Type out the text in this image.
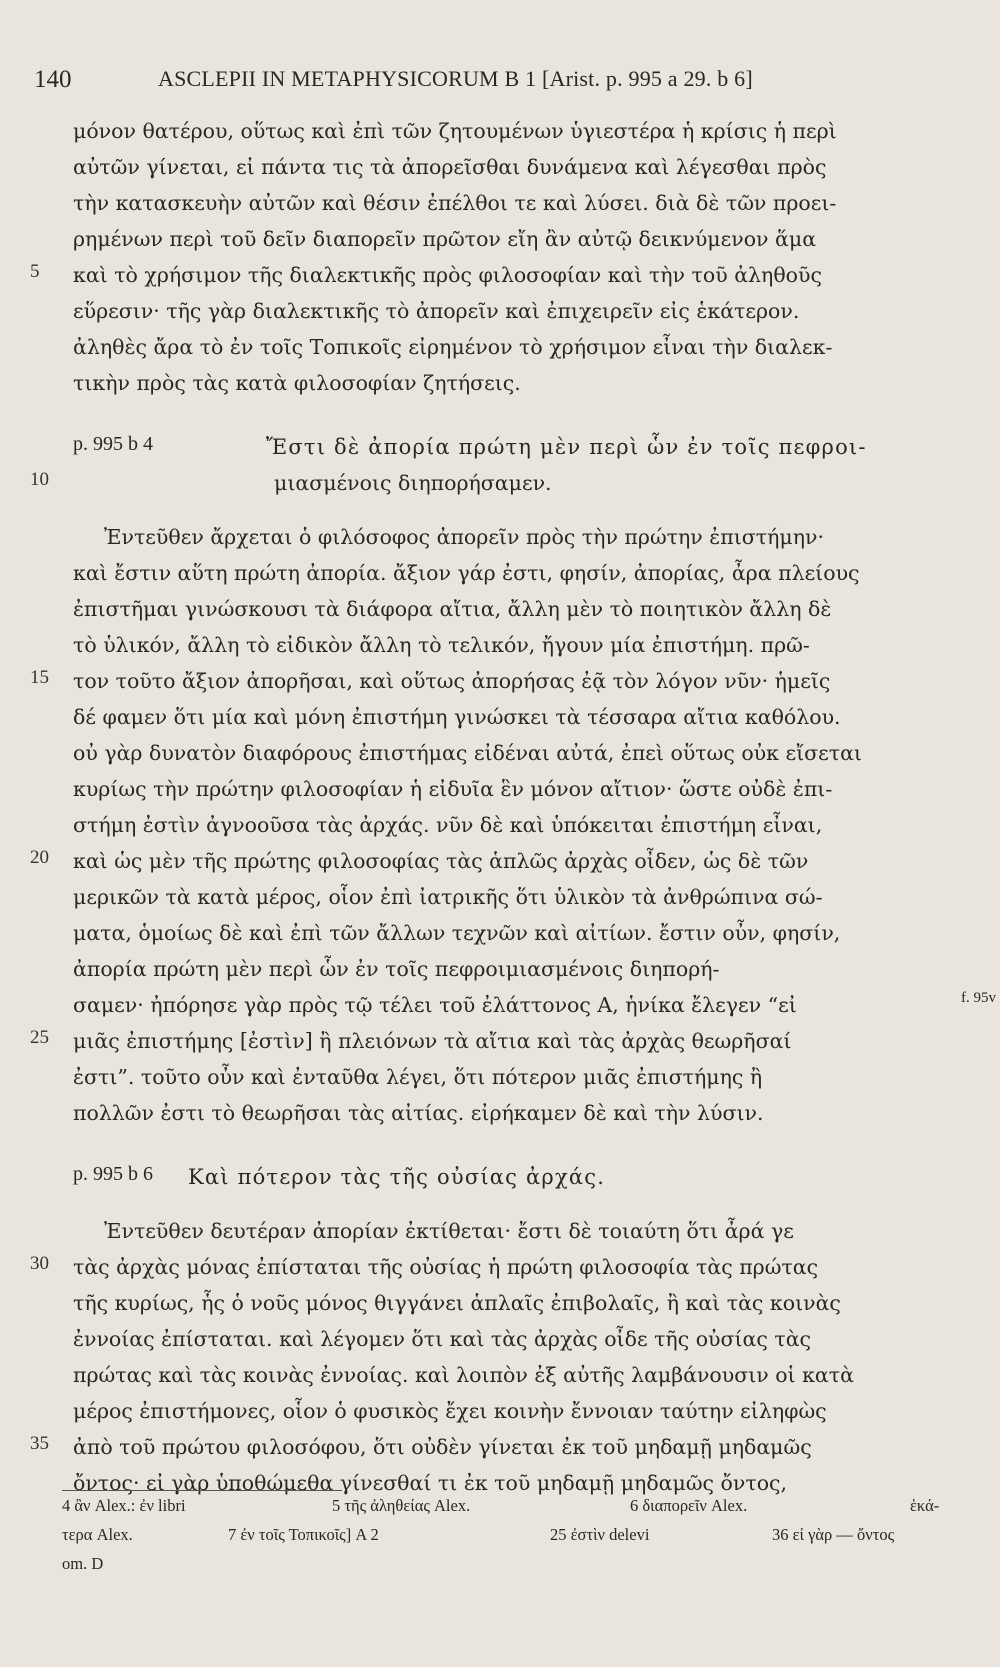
140	ASCLEPII IN METAPHYSICORUM B 1 [Arist. p. 995 a 29. b 6]
μόνον θατέρου, οὕτως καὶ ἐπὶ τῶν ζητουμένων ὑγιεστέρα ἡ κρίσις ἡ περὶ
αὐτῶν γίνεται, εἰ πάντα τις τὰ ἀπορεῖσθαι δυνάμενα καὶ λέγεσθαι πρὸς
τὴν κατασκευὴν αὐτῶν καὶ θέσιν ἐπέλθοι τε καὶ λύσει. διὰ δὲ τῶν προει-
ρημένων περὶ τοῦ δεῖν διαπορεῖν πρῶτον εἴη ἂν αὐτῷ δεικνύμενον ἅμα
5	καὶ τὸ χρήσιμον τῆς διαλεκτικῆς πρὸς φιλοσοφίαν καὶ τὴν τοῦ ἀληθοῦς
εὕρεσιν· τῆς γὰρ διαλεκτικῆς τὸ ἀπορεῖν καὶ ἐπιχειρεῖν εἰς ἑκάτερον.
ἀληθὲς ἄρα τὸ ἐν τοῖς Τοπικοῖς εἰρημένον τὸ χρήσιμον εἶναι τὴν διαλεκ-
τικὴν πρὸς τὰς κατὰ φιλοσοφίαν ζητήσεις.
p. 995 b 4	Ἔστι δὲ ἀπορία πρώτη μὲν περὶ ὧν ἐν τοῖς πεφροι-
10	μιασμένοις διηπορήσαμεν.
Ἐντεῦθεν ἄρχεται ὁ φιλόσοφος ἀπορεῖν πρὸς τὴν πρώτην ἐπιστήμην·
καὶ ἔστιν αὕτη πρώτη ἀπορία. ἄξιον γάρ ἐστι, φησίν, ἀπορίας, ἆρα πλείους
ἐπιστῆμαι γινώσκουσι τὰ διάφορα αἴτια, ἄλλη μὲν τὸ ποιητικὸν ἄλλη δὲ
τὸ ὑλικόν, ἄλλη τὸ εἰδικὸν ἄλλη τὸ τελικόν, ἤγουν μία ἐπιστήμη. πρῶ-
15	τον τοῦτο ἄξιον ἀπορῆσαι, καὶ οὕτως ἀπορήσας ἐᾷ τὸν λόγον νῦν· ἡμεῖς
δέ φαμεν ὅτι μία καὶ μόνη ἐπιστήμη γινώσκει τὰ τέσσαρα αἴτια καθόλου.
οὐ γὰρ δυνατὸν διαφόρους ἐπιστήμας εἰδέναι αὐτά, ἐπεὶ οὕτως οὐκ εἴσεται
κυρίως τὴν πρώτην φιλοσοφίαν ἡ εἰδυῖα ἓν μόνον αἴτιον· ὥστε οὐδὲ ἐπι-
στήμη ἐστὶν ἀγνοοῦσα τὰς ἀρχάς. νῦν δὲ καὶ ὑπόκειται ἐπιστήμη εἶναι,
20	καὶ ὡς μὲν τῆς πρώτης φιλοσοφίας τὰς ἁπλῶς ἀρχὰς οἶδεν, ὡς δὲ τῶν
μερικῶν τὰ κατὰ μέρος, οἷον ἐπὶ ἰατρικῆς ὅτι ὑλικὸν τὰ ἀνθρώπινα σώ-
ματα, ὁμοίως δὲ καὶ ἐπὶ τῶν ἄλλων τεχνῶν καὶ αἰτίων. ἔστιν οὖν, φησίν,
ἀπορία πρώτη μὲν περὶ ὧν ἐν τοῖς πεφροιμιασμένοις διηπορή-
σαμεν· ἠπόρησε γὰρ πρὸς τῷ τέλει τοῦ ἐλάττονος Α, ἡνίκα ἔλεγεν “εἰ	f. 95v
25	μιᾶς ἐπιστήμης [ἐστὶν] ἢ πλειόνων τὰ αἴτια καὶ τὰς ἀρχὰς θεωρῆσαί
ἐστι”. τοῦτο οὖν καὶ ἐνταῦθα λέγει, ὅτι πότερον μιᾶς ἐπιστήμης ἢ
πολλῶν ἐστι τὸ θεωρῆσαι τὰς αἰτίας. εἰρήκαμεν δὲ καὶ τὴν λύσιν.
p. 995 b 6 Καὶ πότερον τὰς τῆς οὐσίας ἀρχάς.
Ἐντεῦθεν δευτέραν ἀπορίαν ἐκτίθεται· ἔστι δὲ τοιαύτη ὅτι ἆρά γε
30	τὰς ἀρχὰς μόνας ἐπίσταται τῆς οὐσίας ἡ πρώτη φιλοσοφία τὰς πρώτας
τῆς κυρίως, ἧς ὁ νοῦς μόνος θιγγάνει ἁπλαῖς ἐπιβολαῖς, ἢ καὶ τὰς κοινὰς
ἐννοίας ἐπίσταται. καὶ λέγομεν ὅτι καὶ τὰς ἀρχὰς οἶδε τῆς οὐσίας τὰς
πρώτας καὶ τὰς κοινὰς ἐννοίας. καὶ λοιπὸν ἐξ αὐτῆς λαμβάνουσιν οἱ κατὰ
μέρος ἐπιστήμονες, οἷον ὁ φυσικὸς ἔχει κοινὴν ἔννοιαν ταύτην εἰληφὼς
35	ἀπὸ τοῦ πρώτου φιλοσόφου, ὅτι οὐδὲν γίνεται ἐκ τοῦ μηδαμῇ μηδαμῶς
ὄντος· εἰ γὰρ ὑποθώμεθα γίνεσθαί τι ἐκ τοῦ μηδαμῇ μηδαμῶς ὄντος,
4 ἂν Alex.: ἐν libri	5 τῆς ἀληθείας Alex.	6 διαπορεῖν Alex.	ἑκά-
τερα Alex.	7 ἐν τοῖς Τοπικοῖς] A 2	25 ἐστὶν delevi	36 εἰ γὰρ — ὄντος
om. D
